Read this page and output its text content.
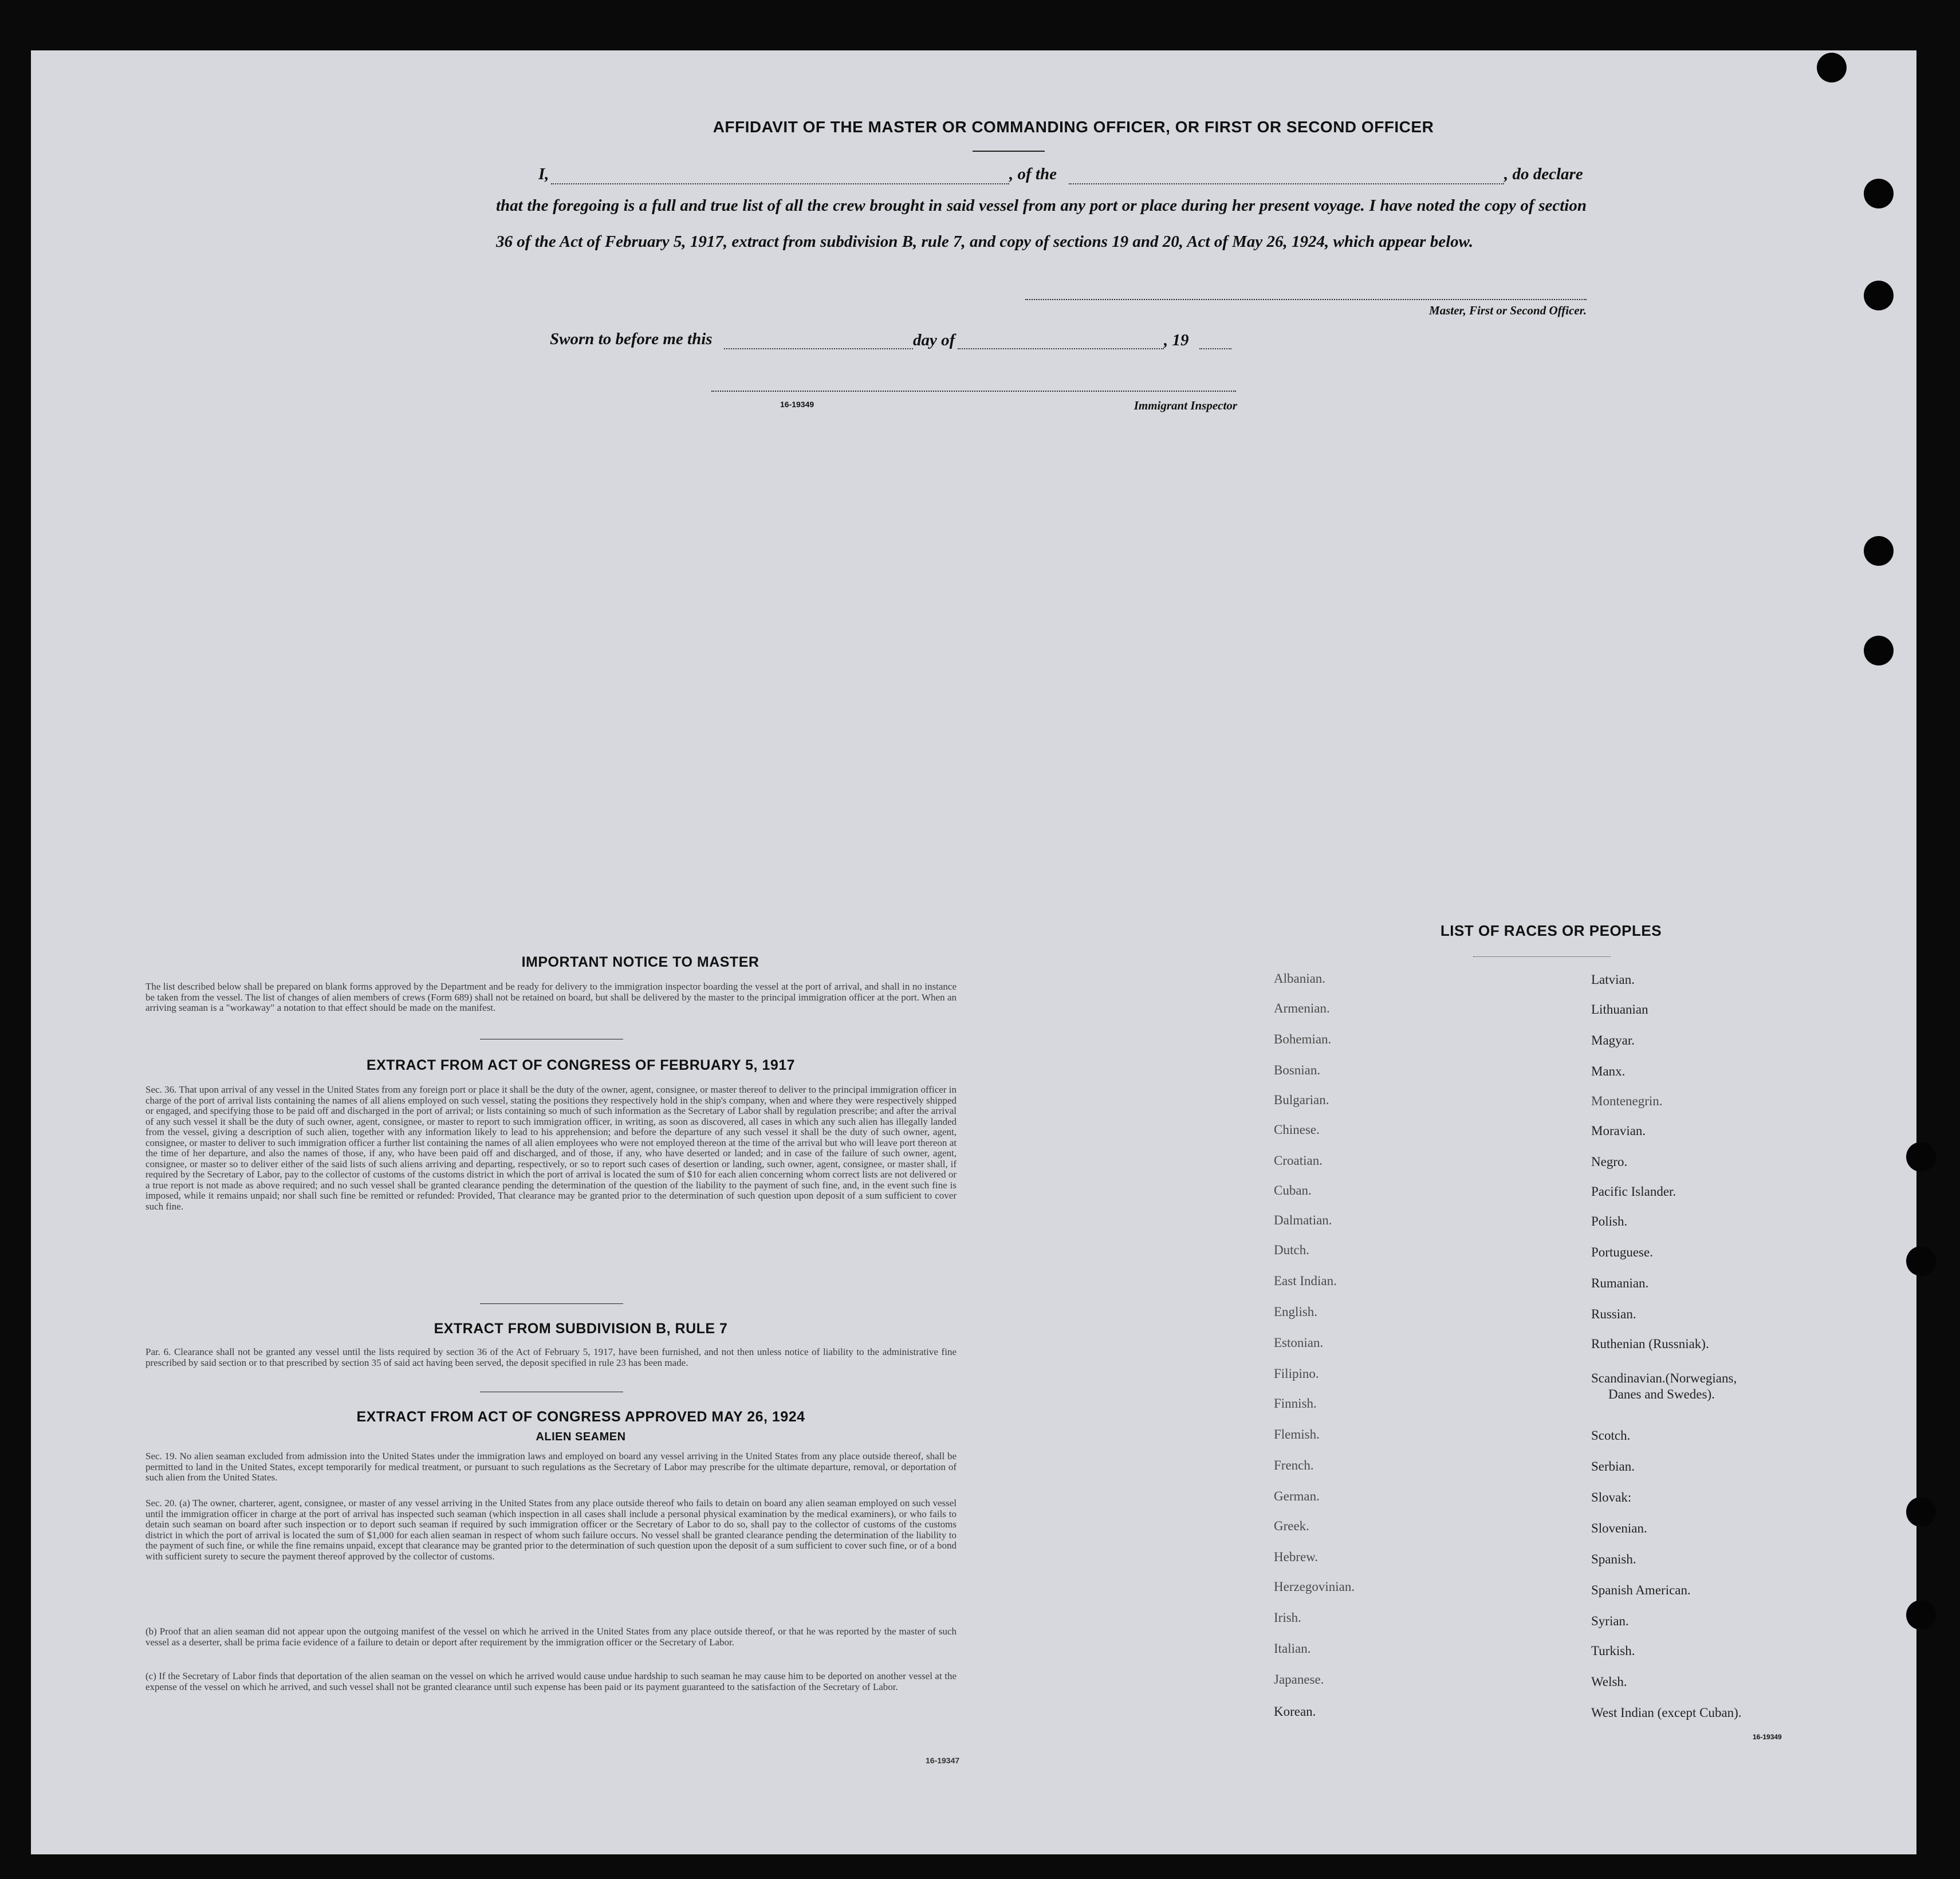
AFFIDAVIT OF THE MASTER OR COMMANDING OFFICER, OR FIRST OR SECOND OFFICER
I,	, of the	, do declare
that the foregoing is a full and true list of all the crew brought in said vessel from any port or place during her present voyage. I have noted the copy of section 36 of the Act of February 5, 1917, extract from subdivision B, rule 7, and copy of sections 19 and 20, Act of May 26, 1924, which appear below.
Master, First or Second Officer.
Sworn to before me this	day of	, 19
16-19349	Immigrant Inspector
IMPORTANT NOTICE TO MASTER
The list described below shall be prepared on blank forms approved by the Department and be ready for delivery to the immigration inspector boarding the vessel at the port of arrival, and shall in no instance be taken from the vessel. The list of changes of alien members of crews (Form 689) shall not be retained on board, but shall be delivered by the master to the principal immigration officer at the port. When an arriving seaman is a "workaway" a notation to that effect should be made on the manifest.
EXTRACT FROM ACT OF CONGRESS OF FEBRUARY 5, 1917
Sec. 36. That upon arrival of any vessel in the United States from any foreign port or place it shall be the duty of the owner, agent, consignee, or master thereof to deliver to the principal immigration officer in charge of the port of arrival lists containing the names of all aliens employed on such vessel, stating the positions they respectively hold in the ship's company, when and where they were respectively shipped or engaged, and specifying those to be paid off and discharged in the port of arrival; or lists containing so much of such information as the Secretary of Labor shall by regulation prescribe; and after the arrival of any such vessel it shall be the duty of such owner, agent, consignee, or master to report to such immigration officer, in writing, as soon as discovered, all cases in which any such alien has illegally landed from the vessel, giving a description of such alien, together with any information likely to lead to his apprehension; and before the departure of any such vessel it shall be the duty of such owner, agent, consignee, or master to deliver to such immigration officer a further list containing the names of all alien employees who were not employed thereon at the time of the arrival but who will leave port thereon at the time of her departure, and also the names of those, if any, who have been paid off and discharged, and of those, if any, who have deserted or landed; and in case of the failure of such owner, agent, consignee, or master so to deliver either of the said lists of such aliens arriving and departing, respectively, or so to report such cases of desertion or landing, such owner, agent, consignee, or master shall, if required by the Secretary of Labor, pay to the collector of customs of the customs district in which the port of arrival is located the sum of $10 for each alien concerning whom correct lists are not delivered or a true report is not made as above required; and no such vessel shall be granted clearance pending the determination of the question of the liability to the payment of such fine, and, in the event such fine is imposed, while it remains unpaid; nor shall such fine be remitted or refunded: Provided, That clearance may be granted prior to the determination of such question upon deposit of a sum sufficient to cover such fine.
EXTRACT FROM SUBDIVISION B, RULE 7
Par. 6. Clearance shall not be granted any vessel until the lists required by section 36 of the Act of February 5, 1917, have been furnished, and not then unless notice of liability to the administrative fine prescribed by said section or to that prescribed by section 35 of said act having been served, the deposit specified in rule 23 has been made.
EXTRACT FROM ACT OF CONGRESS APPROVED MAY 26, 1924
ALIEN SEAMEN
Sec. 19. No alien seaman excluded from admission into the United States under the immigration laws and employed on board any vessel arriving in the United States from any place outside thereof, shall be permitted to land in the United States, except temporarily for medical treatment, or pursuant to such regulations as the Secretary of Labor may prescribe for the ultimate departure, removal, or deportation of such alien from the United States.
Sec. 20. (a) The owner, charterer, agent, consignee, or master of any vessel arriving in the United States from any place outside thereof who fails to detain on board any alien seaman employed on such vessel until the immigration officer in charge at the port of arrival has inspected such seaman (which inspection in all cases shall include a personal physical examination by the medical examiners), or who fails to detain such seaman on board after such inspection or to deport such seaman if required by such immigration officer or the Secretary of Labor to do so, shall pay to the collector of customs of the customs district in which the port of arrival is located the sum of $1,000 for each alien seaman in respect of whom such failure occurs. No vessel shall be granted clearance pending the determination of the liability to the payment of such fine, or while the fine remains unpaid, except that clearance may be granted prior to the determination of such question upon the deposit of a sum sufficient to cover such fine, or of a bond with sufficient surety to secure the payment thereof approved by the collector of customs.
(b) Proof that an alien seaman did not appear upon the outgoing manifest of the vessel on which he arrived in the United States from any place outside thereof, or that he was reported by the master of such vessel as a deserter, shall be prima facie evidence of a failure to detain or deport after requirement by the immigration officer or the Secretary of Labor.
(c) If the Secretary of Labor finds that deportation of the alien seaman on the vessel on which he arrived would cause undue hardship to such seaman he may cause him to be deported on another vessel at the expense of the vessel on which he arrived, and such vessel shall not be granted clearance until such expense has been paid or its payment guaranteed to the satisfaction of the Secretary of Labor.
16-19347
LIST OF RACES OR PEOPLES
Albanian.
Armenian.
Bohemian.
Bosnian.
Bulgarian.
Chinese.
Croatian.
Cuban.
Dalmatian.
Dutch.
East Indian.
English.
Estonian.
Filipino.
Finnish.
Flemish.
French.
German.
Greek.
Hebrew.
Herzegovinian.
Irish.
Italian.
Japanese.
Korean.
Latvian.
Lithuanian
Magyar.
Manx.
Montenegrin.
Moravian.
Negro.
Pacific Islander.
Polish.
Portuguese.
Rumanian.
Russian.
Ruthenian (Russniak).
Scandinavian.(Norwegians,
Danes and Swedes).
Scotch.
Serbian.
Slovak:
Slovenian.
Spanish.
Spanish American.
Syrian.
Turkish.
Welsh.
West Indian (except Cuban).
16-19349
